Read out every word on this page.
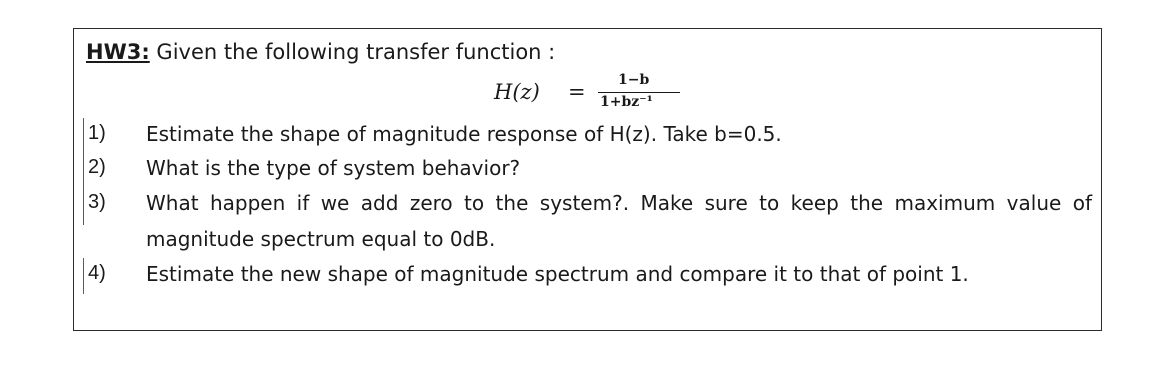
HW3: Given the following transfer function :
H(z) = 1−b
1+bz⁻¹
1) Estimate the shape of magnitude response of H(z). Take b=0.5.
2) What is the type of system behavior?
3) What happen if we add zero to the system?. Make sure to keep the maximum value of magnitude spectrum equal to 0dB.
4) Estimate the new shape of magnitude spectrum and compare it to that of point 1.
